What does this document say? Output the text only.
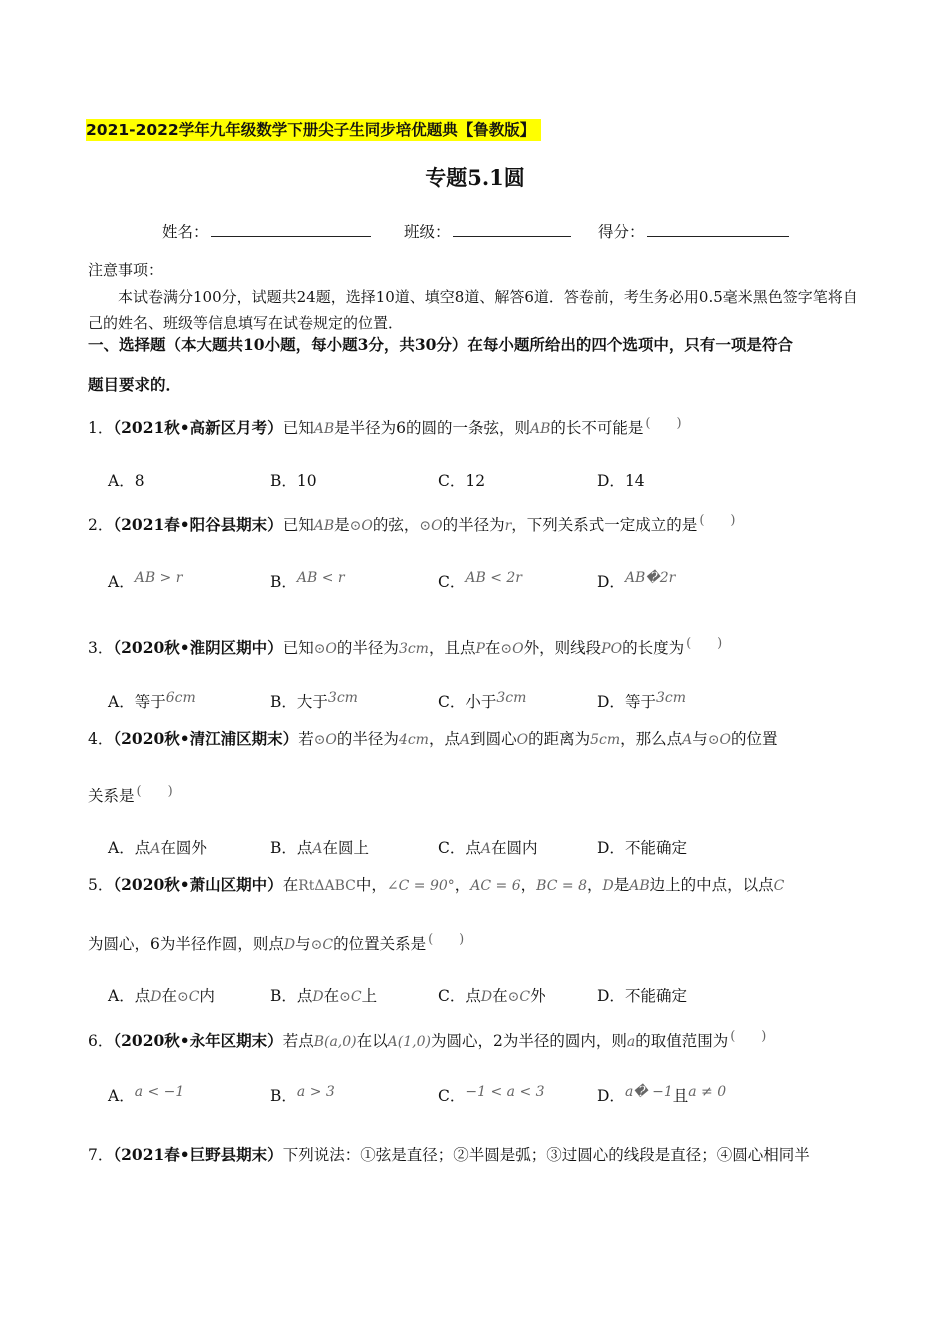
2021-2022学年九年级数学下册尖子生同步培优题典【鲁教版】
专题5.1圆
姓名：	班级：	得分：
注意事项：
本试卷满分100分，试题共24题，选择10道、填空8道、解答6道．答卷前，考生务必用0.5毫米黑色签字笔将自己的姓名、班级等信息填写在试卷规定的位置．
一、选择题（本大题共10小题，每小题3分，共30分）在每小题所给出的四个选项中，只有一项是符合
题目要求的．
1．（2021秋•高新区月考）已知AB是半径为6的圆的一条弦，则AB的长不可能是 (　　)
A．8	B．10	C．12	D．14
2．（2021春•阳谷县期末）已知AB是⊙O的弦，⊙O的半径为r，下列关系式一定成立的是 (　　)
A．AB > r	B．AB < r	C．AB < 2r	D．AB�2r
3．（2020秋•淮阴区期中）已知⊙O的半径为3cm，且点P在⊙O外，则线段PO的长度为 (　　)
A．等于6cm	B．大于3cm	C．小于3cm	D．等于3cm
4．（2020秋•清江浦区期末）若⊙O的半径为4cm，点A到圆心O的距离为5cm，那么点A与⊙O的位置
关系是 (　　)
A．点A在圆外	B．点A在圆上	C．点A在圆内	D．不能确定
5．（2020秋•萧山区期中）在RtΔABC中，∠C = 90°，AC = 6，BC = 8，D是AB边上的中点，以点C
为圆心，6为半径作圆，则点D与⊙C的位置关系是 (　　)
A．点D在⊙C内	B．点D在⊙C上	C．点D在⊙C外	D．不能确定
6．（2020秋•永年区期末）若点B(a,0)在以A(1,0)为圆心，2为半径的圆内，则a的取值范围为 (　　)
A．a < −1	B．a > 3	C．−1 < a < 3	D．a� −1且a ≠ 0
7．（2021春•巨野县期末）下列说法：①弦是直径；②半圆是弧；③过圆心的线段是直径；④圆心相同半
